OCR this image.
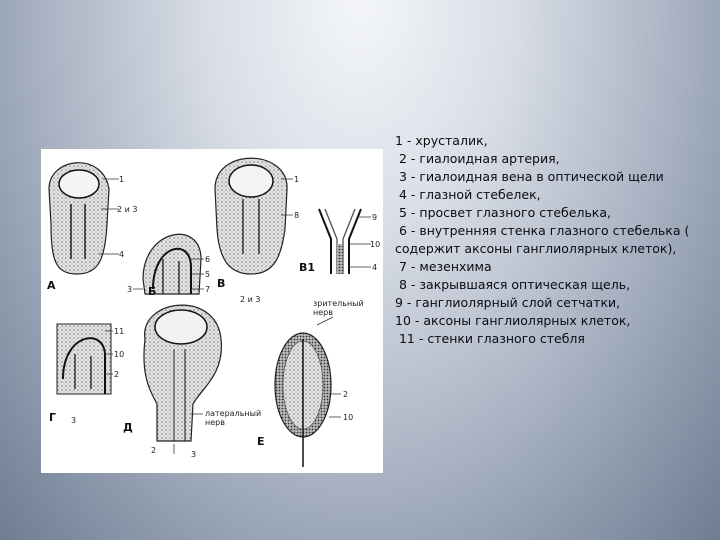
А	Б
В
В1
Г
Д
Е
1
2 и 3
4
3
6
5
7
1
8
2 и 3
9
10
4
11
10
2
3
латеральный нерв
2	3
зрительный нерв
2
10

1 - хрусталик,

2 - гиалоидная артерия,

3 - гиалоидная вена в оптической щели

4 - глазной стебелек,

5 - просвет глазного стебелька,

6 - внутренняя стенка глазного стебелька ( содержит аксоны ганглиолярных клеток),

7 - мезенхима

8 - закрывшаяся оптическая щель,

9 - ганглиолярный слой сетчатки,

10 - аксоны ганглиолярных клеток,

11 - стенки глазного стебля
